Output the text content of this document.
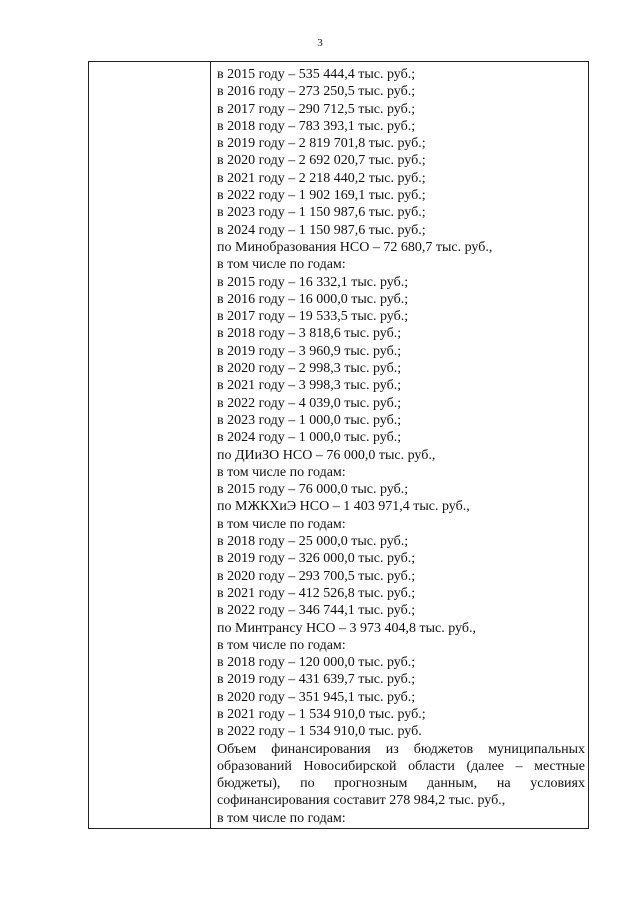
3
в 2015 году – 535 444,4 тыс. руб.;
в 2016 году – 273 250,5 тыс. руб.;
в 2017 году – 290 712,5 тыс. руб.;
в 2018 году – 783 393,1 тыс. руб.;
в 2019 году – 2 819 701,8 тыс. руб.;
в 2020 году – 2 692 020,7 тыс. руб.;
в 2021 году – 2 218 440,2 тыс. руб.;
в 2022 году – 1 902 169,1 тыс. руб.;
в 2023 году – 1 150 987,6 тыс. руб.;
в 2024 году – 1 150 987,6 тыс. руб.;
по Минобразования НСО – 72 680,7 тыс. руб.,
в том числе по годам:
в 2015 году – 16 332,1 тыс. руб.;
в 2016 году – 16 000,0 тыс. руб.;
в 2017 году – 19 533,5 тыс. руб.;
в 2018 году – 3 818,6 тыс. руб.;
в 2019 году – 3 960,9 тыс. руб.;
в 2020 году – 2 998,3 тыс. руб.;
в 2021 году – 3 998,3 тыс. руб.;
в 2022 году – 4 039,0 тыс. руб.;
в 2023 году – 1 000,0 тыс. руб.;
в 2024 году – 1 000,0 тыс. руб.;
по ДИиЗО НСО – 76 000,0 тыс. руб.,
в том числе по годам:
в 2015 году – 76 000,0 тыс. руб.;
по МЖКХиЭ НСО – 1 403 971,4 тыс. руб.,
в том числе по годам:
в 2018 году – 25 000,0 тыс. руб.;
в 2019 году – 326 000,0 тыс. руб.;
в 2020 году – 293 700,5 тыс. руб.;
в 2021 году – 412 526,8 тыс. руб.;
в 2022 году – 346 744,1 тыс. руб.;
по Минтрансу НСО – 3 973 404,8 тыс. руб.,
в том числе по годам:
в 2018 году – 120 000,0 тыс. руб.;
в 2019 году – 431 639,7 тыс. руб.;
в 2020 году – 351 945,1 тыс. руб.;
в 2021 году – 1 534 910,0 тыс. руб.;
в 2022 году – 1 534 910,0 тыс. руб.
Объем финансирования из бюджетов муниципальных
образований Новосибирской области (далее – местные
бюджеты), по прогнозным данным, на условиях
софинансирования составит 278 984,2 тыс. руб.,
в том числе по годам:
